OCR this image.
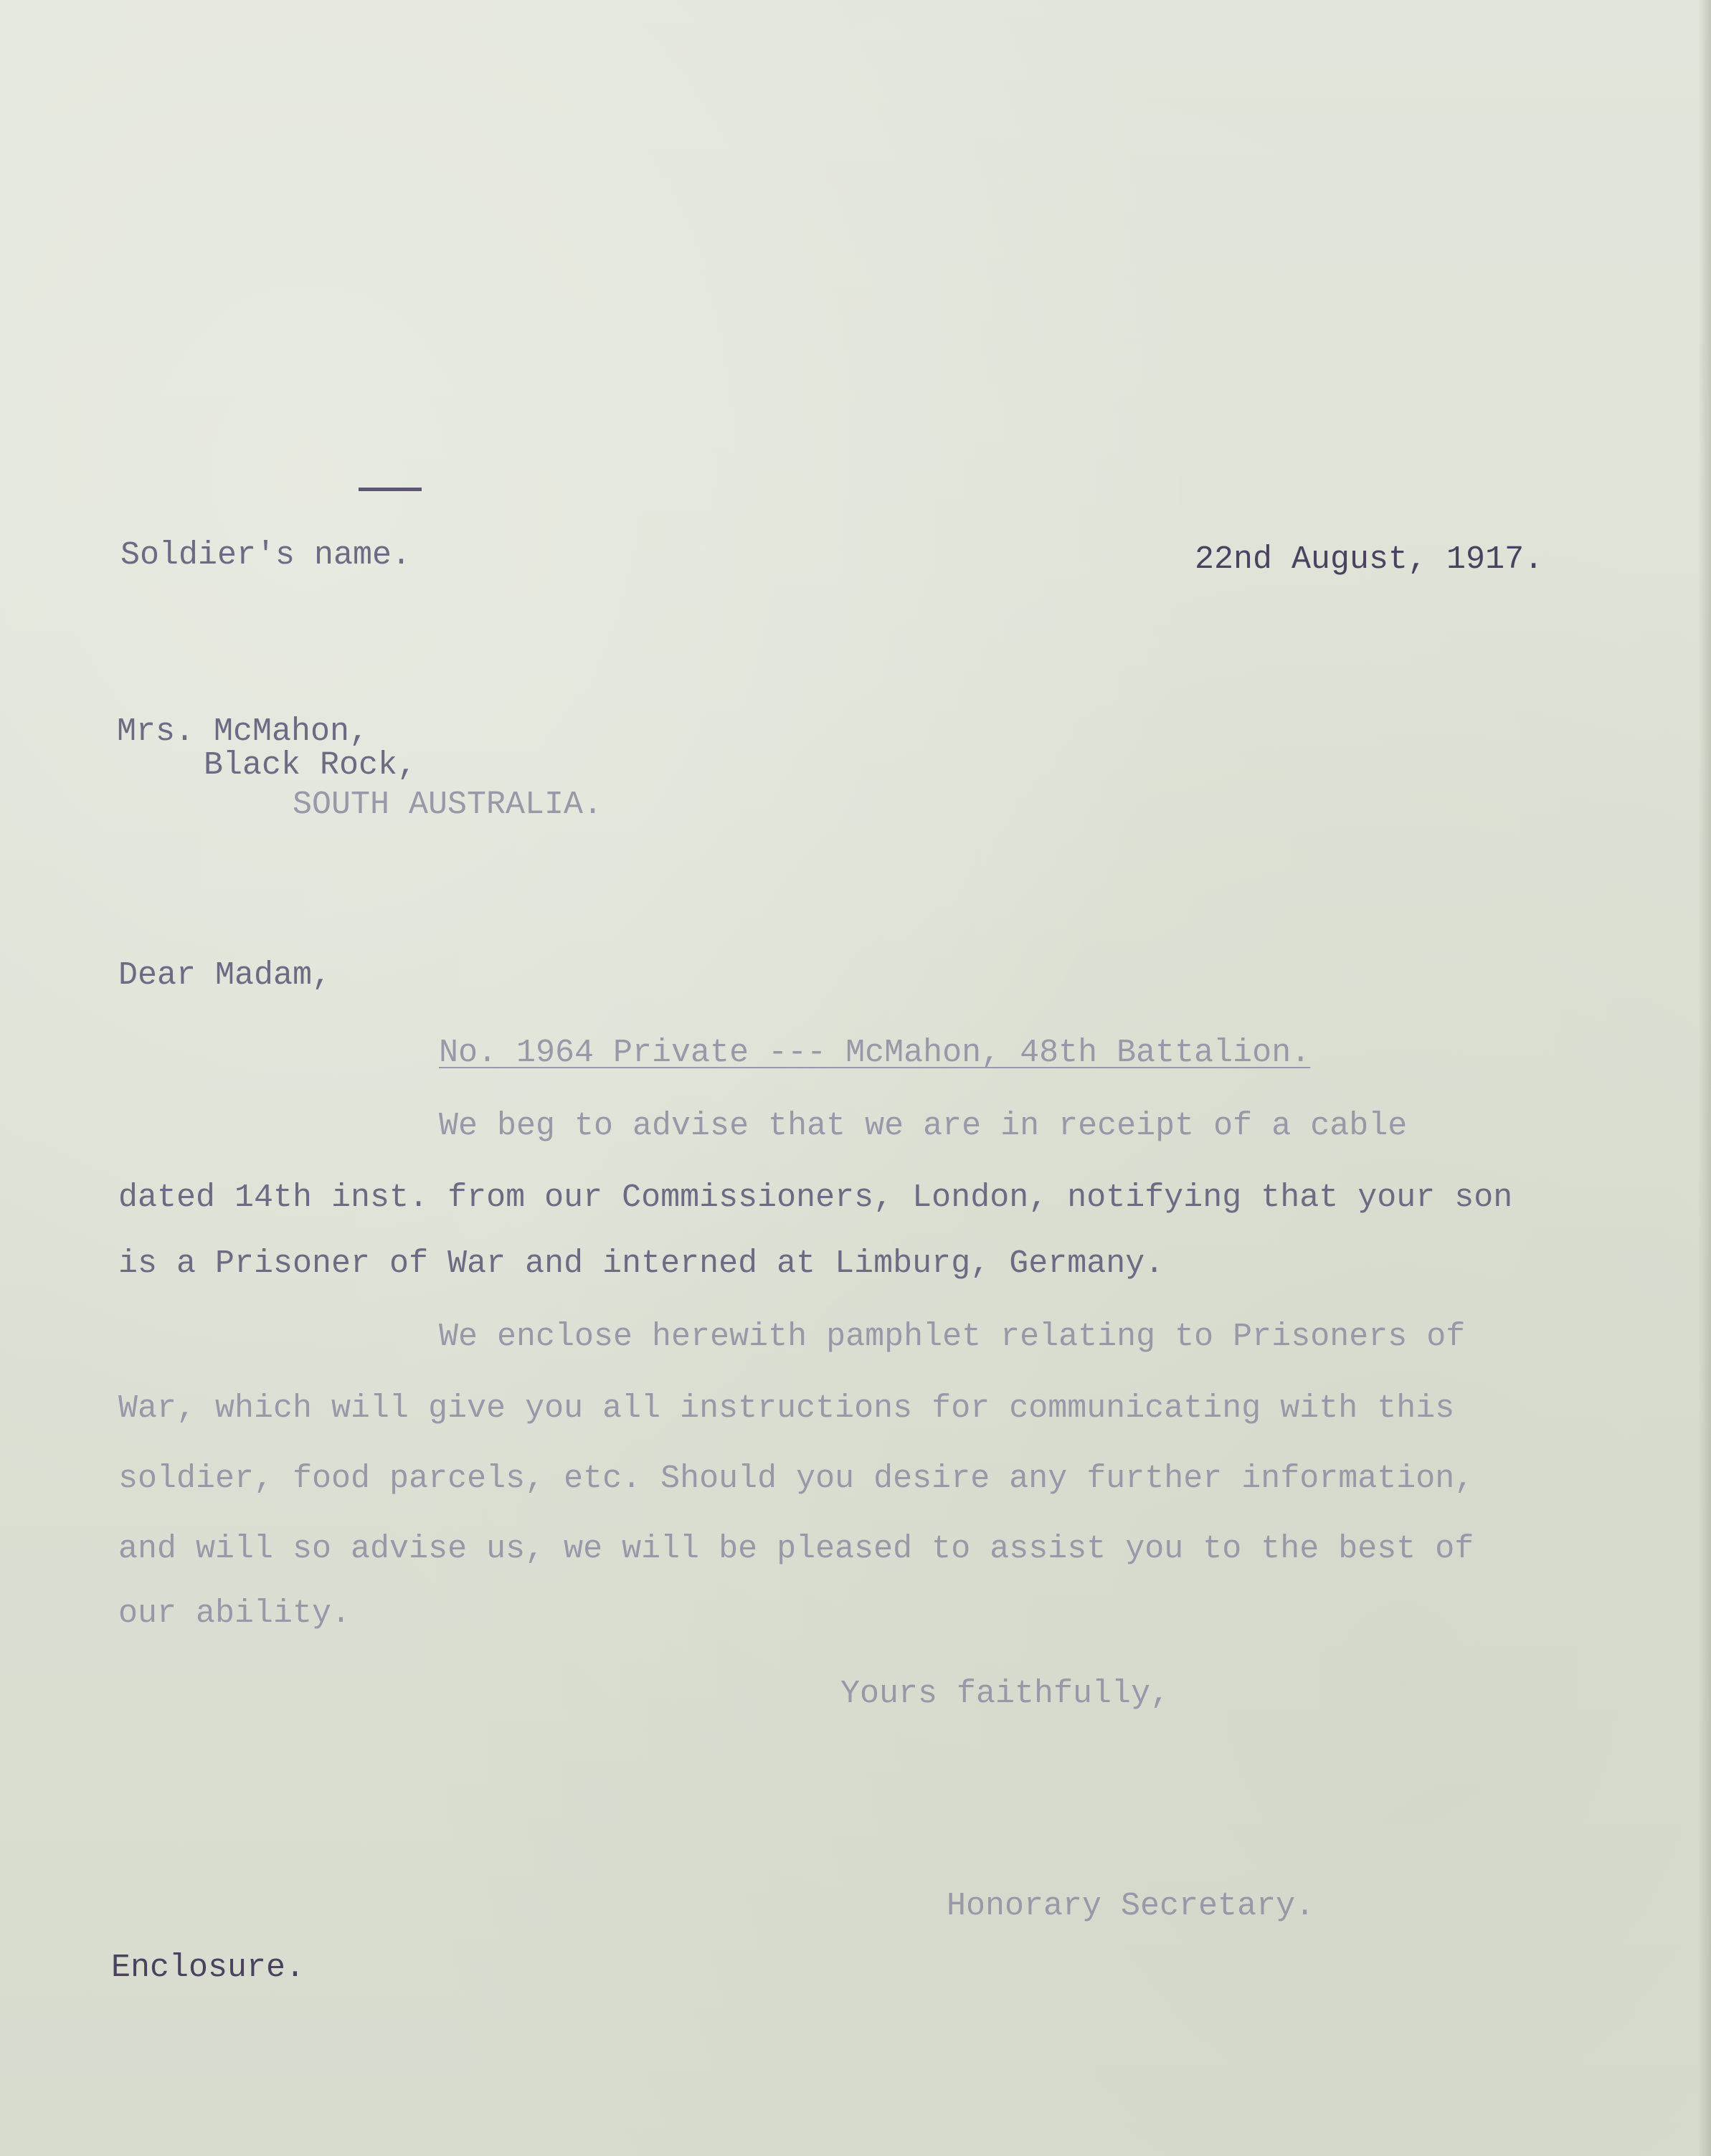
Soldier's name.	22nd August, 1917.

Mrs. McMahon,

Black Rock,

SOUTH AUSTRALIA.

Dear Madam,

No. 1964 Private --- McMahon, 48th Battalion.

We beg to advise that we are in receipt of a cable

dated 14th inst. from our Commissioners, London, notifying that your son

is a Prisoner of War and interned at Limburg, Germany.

We enclose herewith pamphlet relating to Prisoners of

War, which will give you all instructions for communicating with this

soldier, food parcels, etc. Should you desire any further information,

and will so advise us, we will be pleased to assist you to the best of

our ability.

Yours faithfully,

Honorary Secretary.

Enclosure.
